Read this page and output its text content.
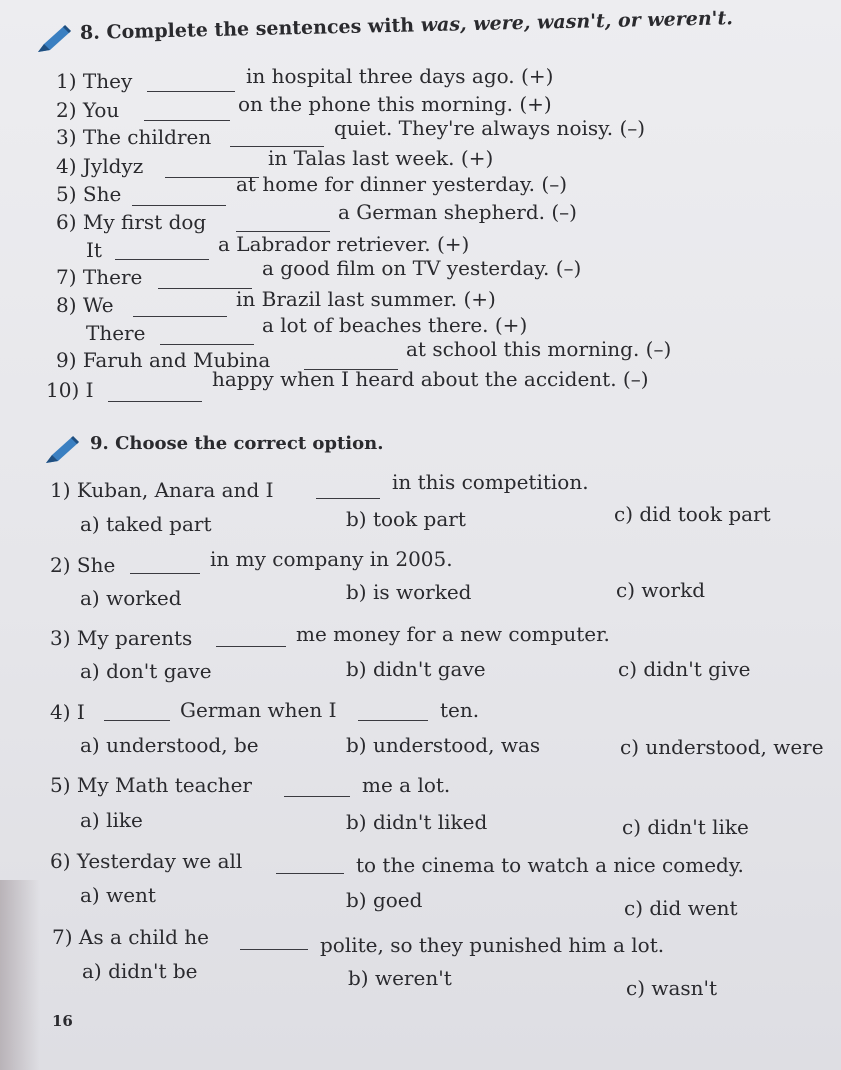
8. Complete the sentences with was, were, wasn't, or weren't.
1) They	in hospital three days ago. (+)
2) You	on the phone this morning. (+)
3) The children	quiet. They're always noisy. (–)
4) Jyldyz	in Talas last week. (+)
5) She	at home for dinner yesterday. (–)
6) My first dog	a German shepherd. (–)
It	a Labrador retriever. (+)
7) There	a good film on TV yesterday. (–)
8) We	in Brazil last summer. (+)
There	a lot of beaches there. (+)
9) Faruh and Mubina	at school this morning. (–)
10) I	happy when I heard about the accident. (–)
9. Choose the correct option.
1) Kuban, Anara and I	in this competition.
a) taked part	b) took part	c) did took part
2) She	in my company in 2005.
a) worked	b) is worked	c) workd
3) My parents	me money for a new computer.
a) don't gave	b) didn't gave	c) didn't give
4) I	German when I	ten.
a) understood, be	b) understood, was	c) understood, were
5) My Math teacher	me a lot.
a) like	b) didn't liked	c) didn't like
6) Yesterday we all	to the cinema to watch a nice comedy.
a) went	b) goed	c) did went
7) As a child he	polite, so they punished him a lot.
a) didn't be	b) weren't	c) wasn't
16
